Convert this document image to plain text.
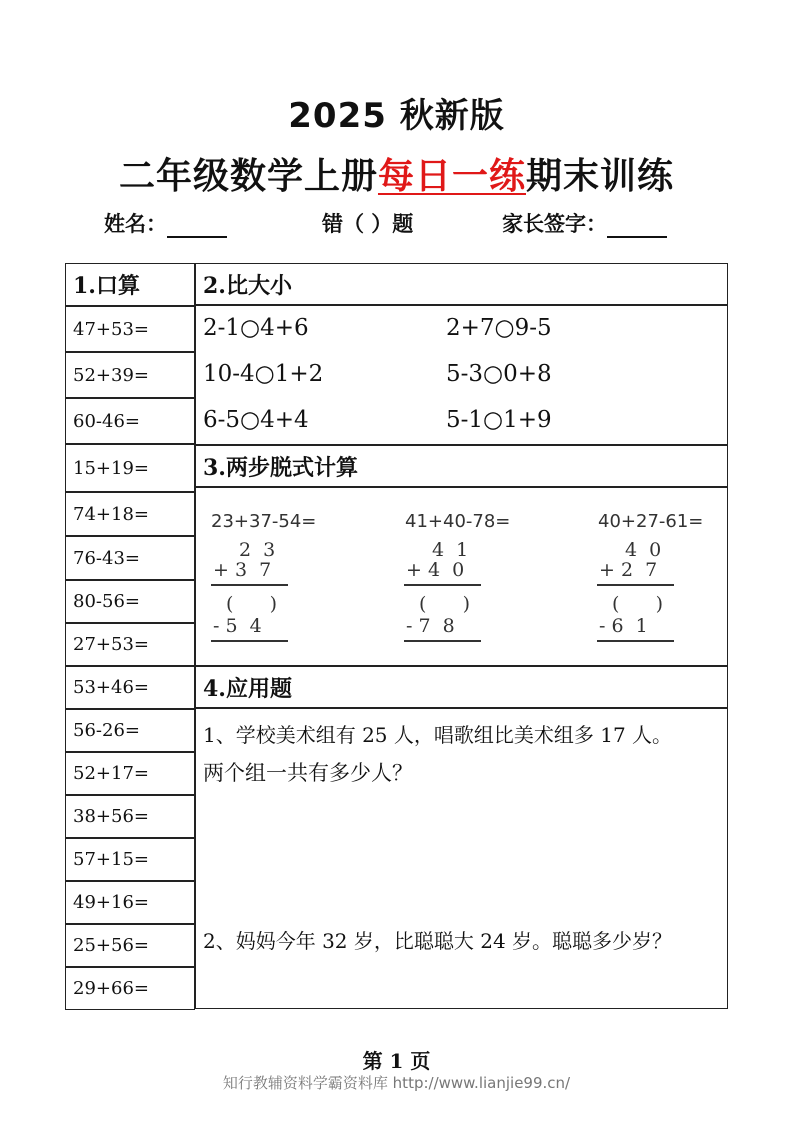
2025 秋新版
二年级数学上册每日一练期末训练
姓名：	错（ ）题	家长签字：
1.口算
47+53=
52+39=
60-46=
15+19=
74+18=
76-43=
80-56=
27+53=
53+46=
56-26=
52+17=
38+56=
57+15=
49+16=
25+56=
29+66=
2.比大小
2-1○4+6	2+7○9-5
10-4○1+2	5-3○0+8
6-5○4+4	5-1○1+9
3.两步脱式计算
23+37-54=
2  3
+ 3  7
(      )
- 5  4
41+40-78=
4  1
+ 4  0
(      )
- 7  8
40+27-61=
4  0
+ 2  7
(      )
- 6  1
4.应用题
1、学校美术组有 25 人，唱歌组比美术组多 17 人。
两个组一共有多少人？
2、妈妈今年 32 岁，比聪聪大 24 岁。聪聪多少岁？
第 1 页
知行教辅资料学霸资料库 http://www.lianjie99.cn/
